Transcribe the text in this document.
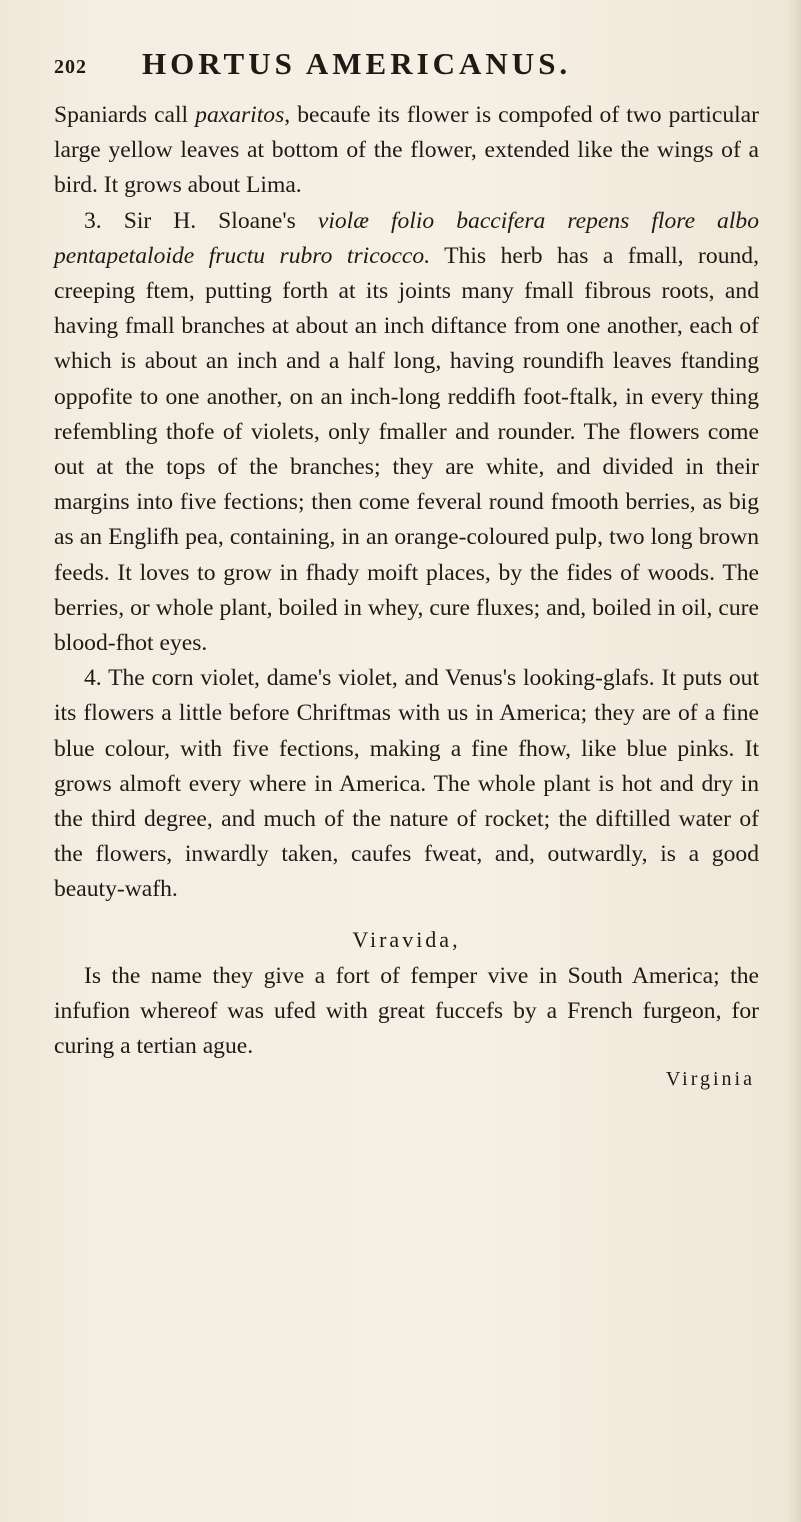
202 HORTUS AMERICANUS.

Spaniards call paxaritos, becaufe its flower is compofed of two particular large yellow leaves at bottom of the flower, extended like the wings of a bird. It grows about Lima.

3. Sir H. Sloane's violæ folio baccifera repens flore albo pentapetaloide fructu rubro tricocco. This herb has a fmall, round, creeping ftem, putting forth at its joints many fmall fibrous roots, and having fmall branches at about an inch diftance from one another, each of which is about an inch and a half long, having roundifh leaves ftanding oppofite to one another, on an inch-long reddifh foot-ftalk, in every thing refembling thofe of violets, only fmaller and rounder. The flowers come out at the tops of the branches; they are white, and divided in their margins into five fections; then come feveral round fmooth berries, as big as an Englifh pea, containing, in an orange-coloured pulp, two long brown feeds. It loves to grow in fhady moift places, by the fides of woods. The berries, or whole plant, boiled in whey, cure fluxes; and, boiled in oil, cure blood-fhot eyes.

4. The corn violet, dame's violet, and Venus's looking-glafs. It puts out its flowers a little before Chriftmas with us in America; they are of a fine blue colour, with five fections, making a fine fhow, like blue pinks. It grows almoft every where in America. The whole plant is hot and dry in the third degree, and much of the nature of rocket; the diftilled water of the flowers, inwardly taken, caufes fweat, and, outwardly, is a good beauty-wafh.

Viravida,

Is the name they give a fort of femper vive in South America; the infufion whereof was ufed with great fuccefs by a French furgeon, for curing a tertian ague.

Virginia
